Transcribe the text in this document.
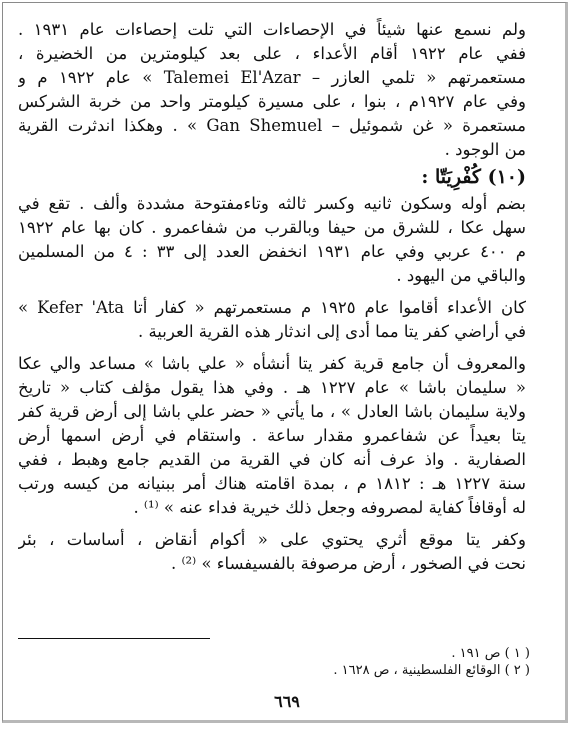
ولم نسمع عنها شيئاً في الإحصاءات التي تلت إحصاءات عام ١٩٣١ .
ففي عام ١٩٢٢ أقام الأعداء ، على بعد كيلومترين من الخضيرة ،
مستعمرتهم « تلمي العازر – Talemei El'Azar » عام ١٩٢٢ م و
وفي عام ١٩٢٧م ، بنوا ، على مسيرة كيلومتر واحد من خربة الشركس
مستعمرة « غن شموئيل – Gan Shemuel » . وهكذا اندثرت القرية
من الوجود .
(١٠) كُفْرِيَتّا :
بضم أوله وسكون ثانيه وكسر ثالثه وتاءمفتوحة مشددة وألف . تقع في
سهل عكا ، للشرق من حيفا وبالقرب من شفاعمرو . كان بها عام ١٩٢٢
م ٤٠٠ عربي وفي عام ١٩٣١ انخفض العدد إلى ٣٣ : ٤ من المسلمين
والباقي من اليهود .
كان الأعداء أقاموا عام ١٩٢٥ م مستعمرتهم « كفار أتا Kefer 'Ata »
في أراضي كفر يتا مما أدى إلى اندثار هذه القرية العربية .
والمعروف أن جامع قرية كفر يتا أنشأه « علي باشا » مساعد والي عكا
« سليمان باشا » عام ١٢٢٧ هـ . وفي هذا يقول مؤلف كتاب « تاريخ
ولاية سليمان باشا العادل » ، ما يأتي « حضر علي باشا إلى أرض قرية كفر
يتا بعيداً عن شفاعمرو مقدار ساعة . واستقام في أرض اسمها أرض
الصفارية . واذ عرف أنه كان في القرية من القديم جامع وهبط ، ففي
سنة ١٢٢٧ هـ : ١٨١٢ م ، بمدة اقامته هناك أمر ببنيانه من كيسه ورتب
له أوقافاً كفاية لمصروفه وجعل ذلك خيرية فداء عنه » ⁽¹⁾ .
وكفر يتا موقع أثري يحتوي على « أكوام أنقاض ، أساسات ، بئر
نحت في الصخور ، أرض مرصوفة بالفسيفساء » ⁽²⁾ .
( ١ ) ص ١٩١ .
( ٢ ) الوقائع الفلسطينية ، ص ١٦٢٨ .
٦٦٩
